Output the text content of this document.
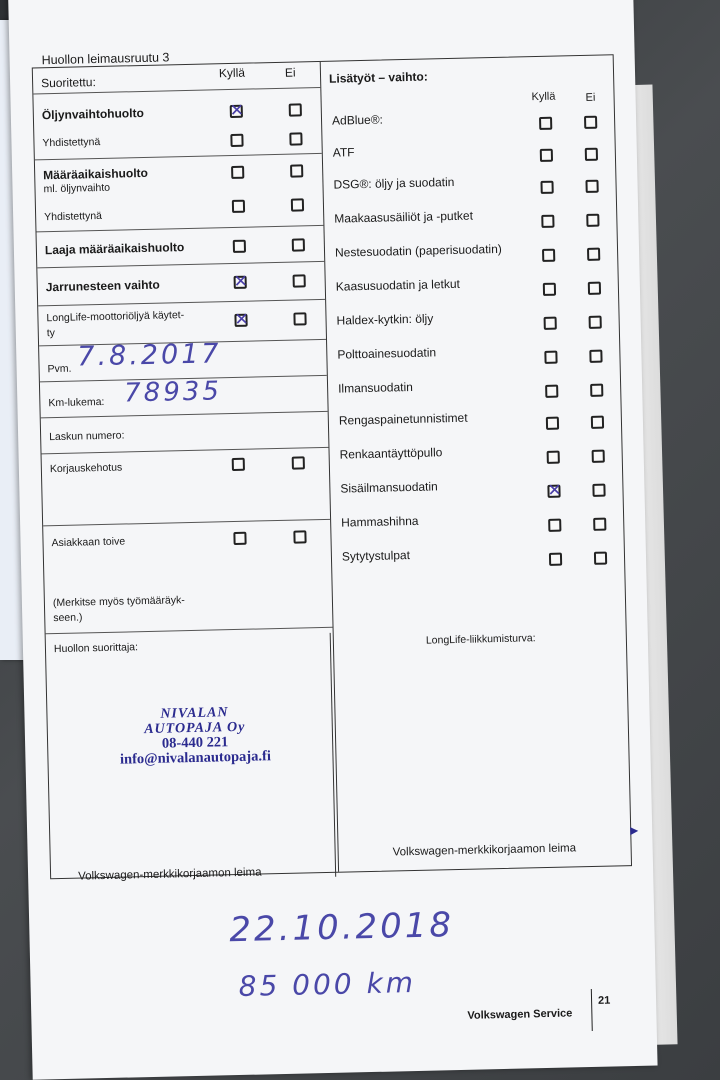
Huollon leimausruutu 3
Suoritettu:
Kyllä	Ei
Öljynvaihtohuolto
Yhdistettynä
✕
Määräaikaishuolto
ml. öljynvaihto
Yhdistettynä
Laaja määräaikaishuolto
Jarrunesteen vaihto
✕
LongLife-moottoriöljyä käytet-
ty
✕
Pvm. 7.8.2017
Km-lukema: 78935
Laskun numero:
Korjauskehotus
Asiakkaan toive
(Merkitse myös työmääräyk-
seen.)
Lisätyöt – vaihto:
Kyllä	Ei
AdBlue®:
ATF
DSG®: öljy ja suodatin
Maakaasusäiliöt ja -putket
Nestesuodatin (paperisuodatin)
Kaasusuodatin ja letkut
Haldex-kytkin: öljy
Polttoainesuodatin
Ilmansuodatin
Rengaspainetunnistimet
Renkaantäyttöpullo
Sisäilmansuodatin
✕
Hammashihna
Sytytystulpat
Huollon suorittaja:
LongLife-liikkumisturva:
NIVALAN
AUTOPAJA Oy
08-440 221
info@nivalanautopaja.fi
Volkswagen-merkkikorjaamon leima
Volkswagen-merkkikorjaamon leima
22.10.2018
85 000 km
Volkswagen Service
21
